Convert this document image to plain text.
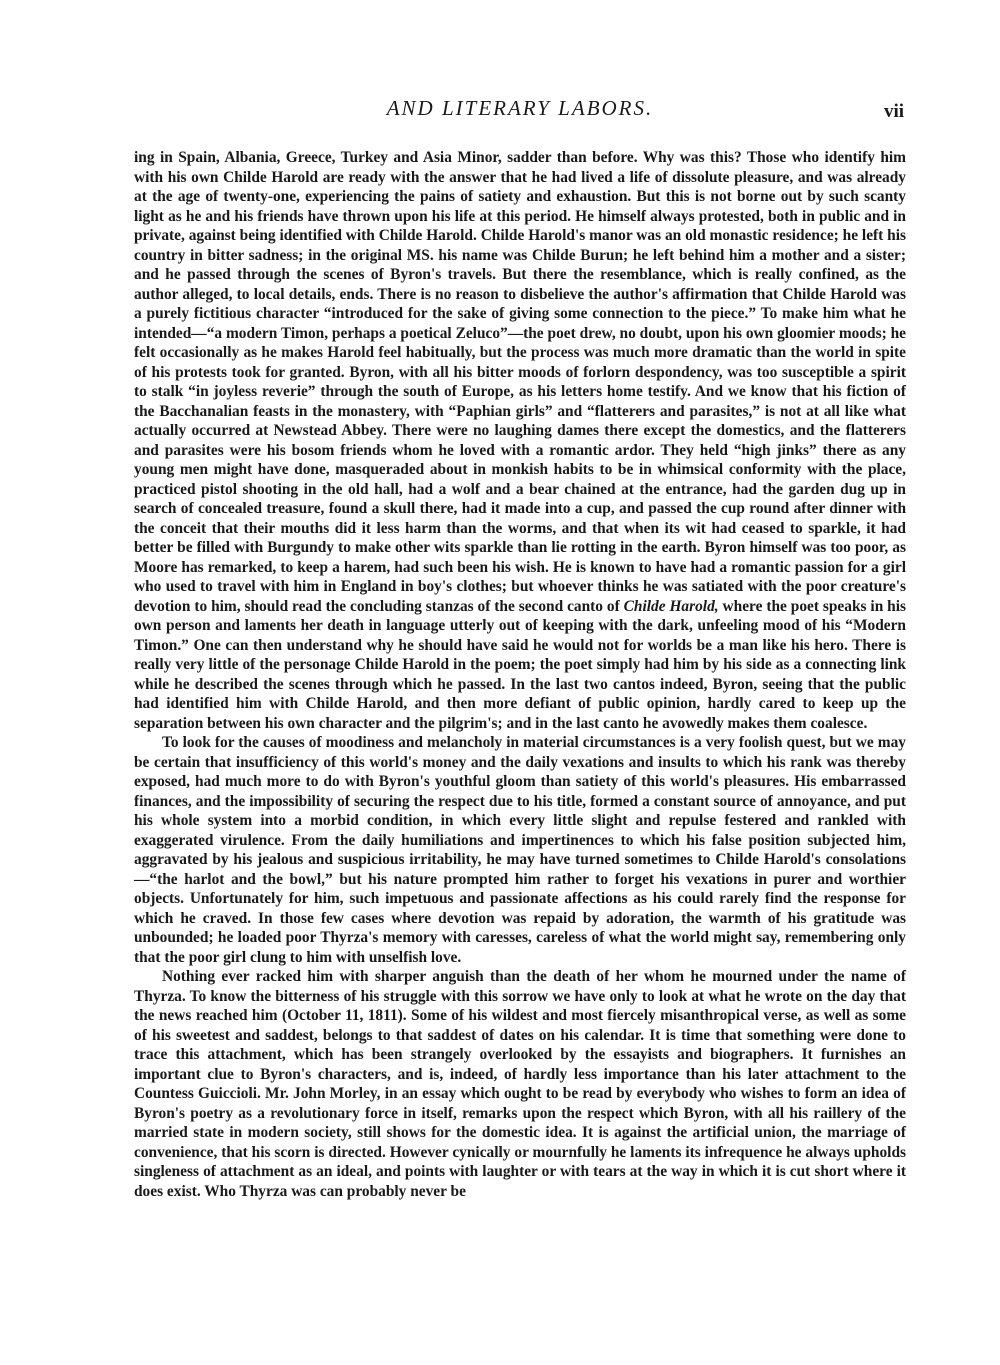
AND LITERARY LABORS.	vii

ing in Spain, Albania, Greece, Turkey and Asia Minor, sadder than before. Why was this? Those who identify him with his own Childe Harold are ready with the answer that he had lived a life of dissolute pleasure, and was already at the age of twenty-one, experiencing the pains of satiety and exhaustion. But this is not borne out by such scanty light as he and his friends have thrown upon his life at this period. He himself always protested, both in public and in private, against being identified with Childe Harold. Childe Harold's manor was an old monastic residence; he left his country in bitter sadness; in the original MS. his name was Childe Burun; he left behind him a mother and a sister; and he passed through the scenes of Byron's travels. But there the resemblance, which is really confined, as the author alleged, to local details, ends. There is no reason to disbelieve the author's affirmation that Childe Harold was a purely fictitious character “introduced for the sake of giving some connection to the piece.” To make him what he intended—“a modern Timon, perhaps a poetical Zeluco”—the poet drew, no doubt, upon his own gloomier moods; he felt occasionally as he makes Harold feel habitually, but the process was much more dramatic than the world in spite of his protests took for granted. Byron, with all his bitter moods of forlorn despondency, was too susceptible a spirit to stalk “in joyless reverie” through the south of Europe, as his letters home testify. And we know that his fiction of the Bacchanalian feasts in the monastery, with “Paphian girls” and “flatterers and parasites,” is not at all like what actually occurred at Newstead Abbey. There were no laughing dames there except the domestics, and the flatterers and parasites were his bosom friends whom he loved with a romantic ardor. They held “high jinks” there as any young men might have done, masqueraded about in monkish habits to be in whimsical conformity with the place, practiced pistol shooting in the old hall, had a wolf and a bear chained at the entrance, had the garden dug up in search of concealed treasure, found a skull there, had it made into a cup, and passed the cup round after dinner with the conceit that their mouths did it less harm than the worms, and that when its wit had ceased to sparkle, it had better be filled with Burgundy to make other wits sparkle than lie rotting in the earth. Byron himself was too poor, as Moore has remarked, to keep a harem, had such been his wish. He is known to have had a romantic passion for a girl who used to travel with him in England in boy's clothes; but whoever thinks he was satiated with the poor creature's devotion to him, should read the concluding stanzas of the second canto of Childe Harold, where the poet speaks in his own person and laments her death in language utterly out of keeping with the dark, unfeeling mood of his “Modern Timon.” One can then understand why he should have said he would not for worlds be a man like his hero. There is really very little of the personage Childe Harold in the poem; the poet simply had him by his side as a connecting link while he described the scenes through which he passed. In the last two cantos indeed, Byron, seeing that the public had identified him with Childe Harold, and then more defiant of public opinion, hardly cared to keep up the separation between his own character and the pilgrim's; and in the last canto he avowedly makes them coalesce.

To look for the causes of moodiness and melancholy in material circumstances is a very foolish quest, but we may be certain that insufficiency of this world's money and the daily vexations and insults to which his rank was thereby exposed, had much more to do with Byron's youthful gloom than satiety of this world's pleasures. His embarrassed finances, and the impossibility of securing the respect due to his title, formed a constant source of annoyance, and put his whole system into a morbid condition, in which every little slight and repulse festered and rankled with exaggerated virulence. From the daily humiliations and impertinences to which his false position subjected him, aggravated by his jealous and suspicious irritability, he may have turned sometimes to Childe Harold's consolations—“the harlot and the bowl,” but his nature prompted him rather to forget his vexations in purer and worthier objects. Unfortunately for him, such impetuous and passionate affections as his could rarely find the response for which he craved. In those few cases where devotion was repaid by adoration, the warmth of his gratitude was unbounded; he loaded poor Thyrza's memory with caresses, careless of what the world might say, remembering only that the poor girl clung to him with unselfish love.

Nothing ever racked him with sharper anguish than the death of her whom he mourned under the name of Thyrza. To know the bitterness of his struggle with this sorrow we have only to look at what he wrote on the day that the news reached him (October 11, 1811). Some of his wildest and most fiercely misanthropical verse, as well as some of his sweetest and saddest, belongs to that saddest of dates on his calendar. It is time that something were done to trace this attachment, which has been strangely overlooked by the essayists and biographers. It furnishes an important clue to Byron's characters, and is, indeed, of hardly less importance than his later attachment to the Countess Guiccioli. Mr. John Morley, in an essay which ought to be read by everybody who wishes to form an idea of Byron's poetry as a revolutionary force in itself, remarks upon the respect which Byron, with all his raillery of the married state in modern society, still shows for the domestic idea. It is against the artificial union, the marriage of convenience, that his scorn is directed. However cynically or mournfully he laments its infrequence he always upholds singleness of attachment as an ideal, and points with laughter or with tears at the way in which it is cut short where it does exist. Who Thyrza was can probably never be
